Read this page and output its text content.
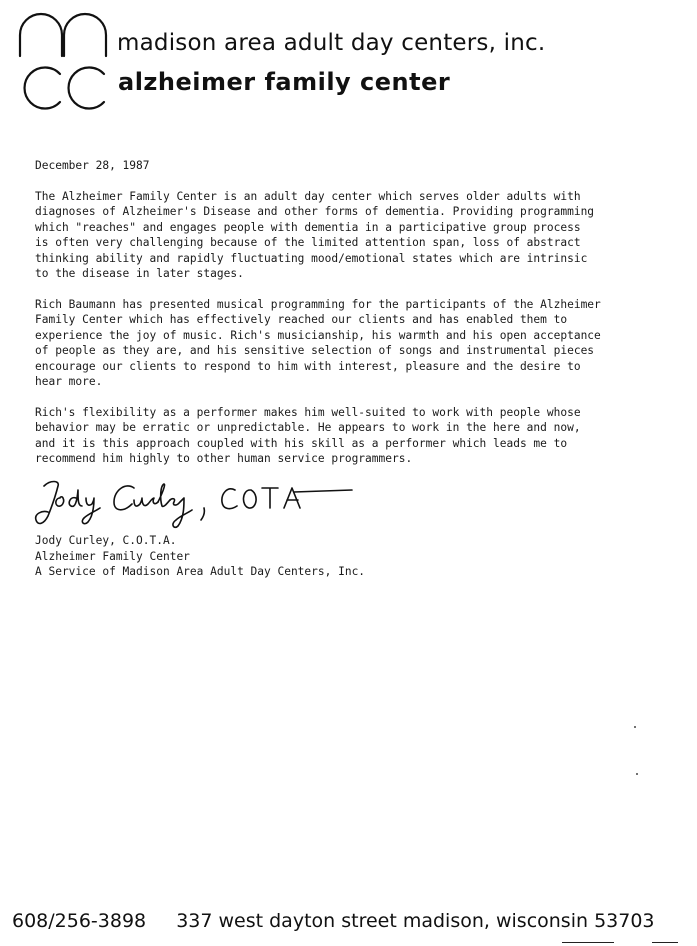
madison area adult day centers, inc.
alzheimer family center
December 28, 1987
The Alzheimer Family Center is an adult day center which serves older adults with
diagnoses of Alzheimer's Disease and other forms of dementia. Providing programming
which "reaches" and engages people with dementia in a participative group process
is often very challenging because of the limited attention span, loss of abstract
thinking ability and rapidly fluctuating mood/emotional states which are intrinsic
to the disease in later stages.
Rich Baumann has presented musical programming for the participants of the Alzheimer
Family Center which has effectively reached our clients and has enabled them to
experience the joy of music. Rich's musicianship, his warmth and his open acceptance
of people as they are, and his sensitive selection of songs and instrumental pieces
encourage our clients to respond to him with interest, pleasure and the desire to
hear more.
Rich's flexibility as a performer makes him well-suited to work with people whose
behavior may be erratic or unpredictable. He appears to work in the here and now,
and it is this approach coupled with his skill as a performer which leads me to
recommend him highly to other human service programmers.
Jody Curley, C.O.T.A.
Alzheimer Family Center
A Service of Madison Area Adult Day Centers, Inc.
608/256-3898 337 west dayton street madison, wisconsin 53703
